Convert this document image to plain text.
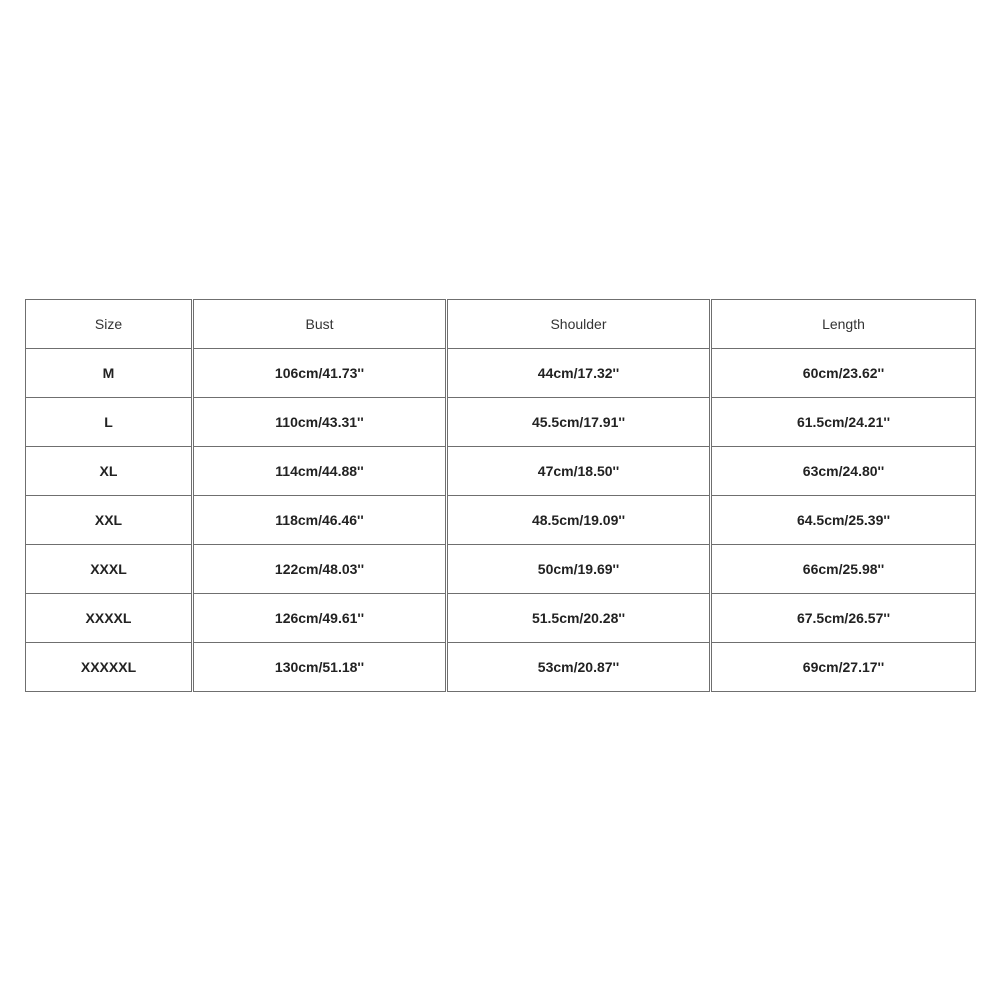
Size	Bust	Shoulder	Length
M	106cm/41.73''	44cm/17.32''	60cm/23.62''
L	110cm/43.31''	45.5cm/17.91''	61.5cm/24.21''
XL	114cm/44.88''	47cm/18.50''	63cm/24.80''
XXL	118cm/46.46''	48.5cm/19.09''	64.5cm/25.39''
XXXL	122cm/48.03''	50cm/19.69''	66cm/25.98''
XXXXL	126cm/49.61''	51.5cm/20.28''	67.5cm/26.57''
XXXXXL	130cm/51.18''	53cm/20.87''	69cm/27.17''
